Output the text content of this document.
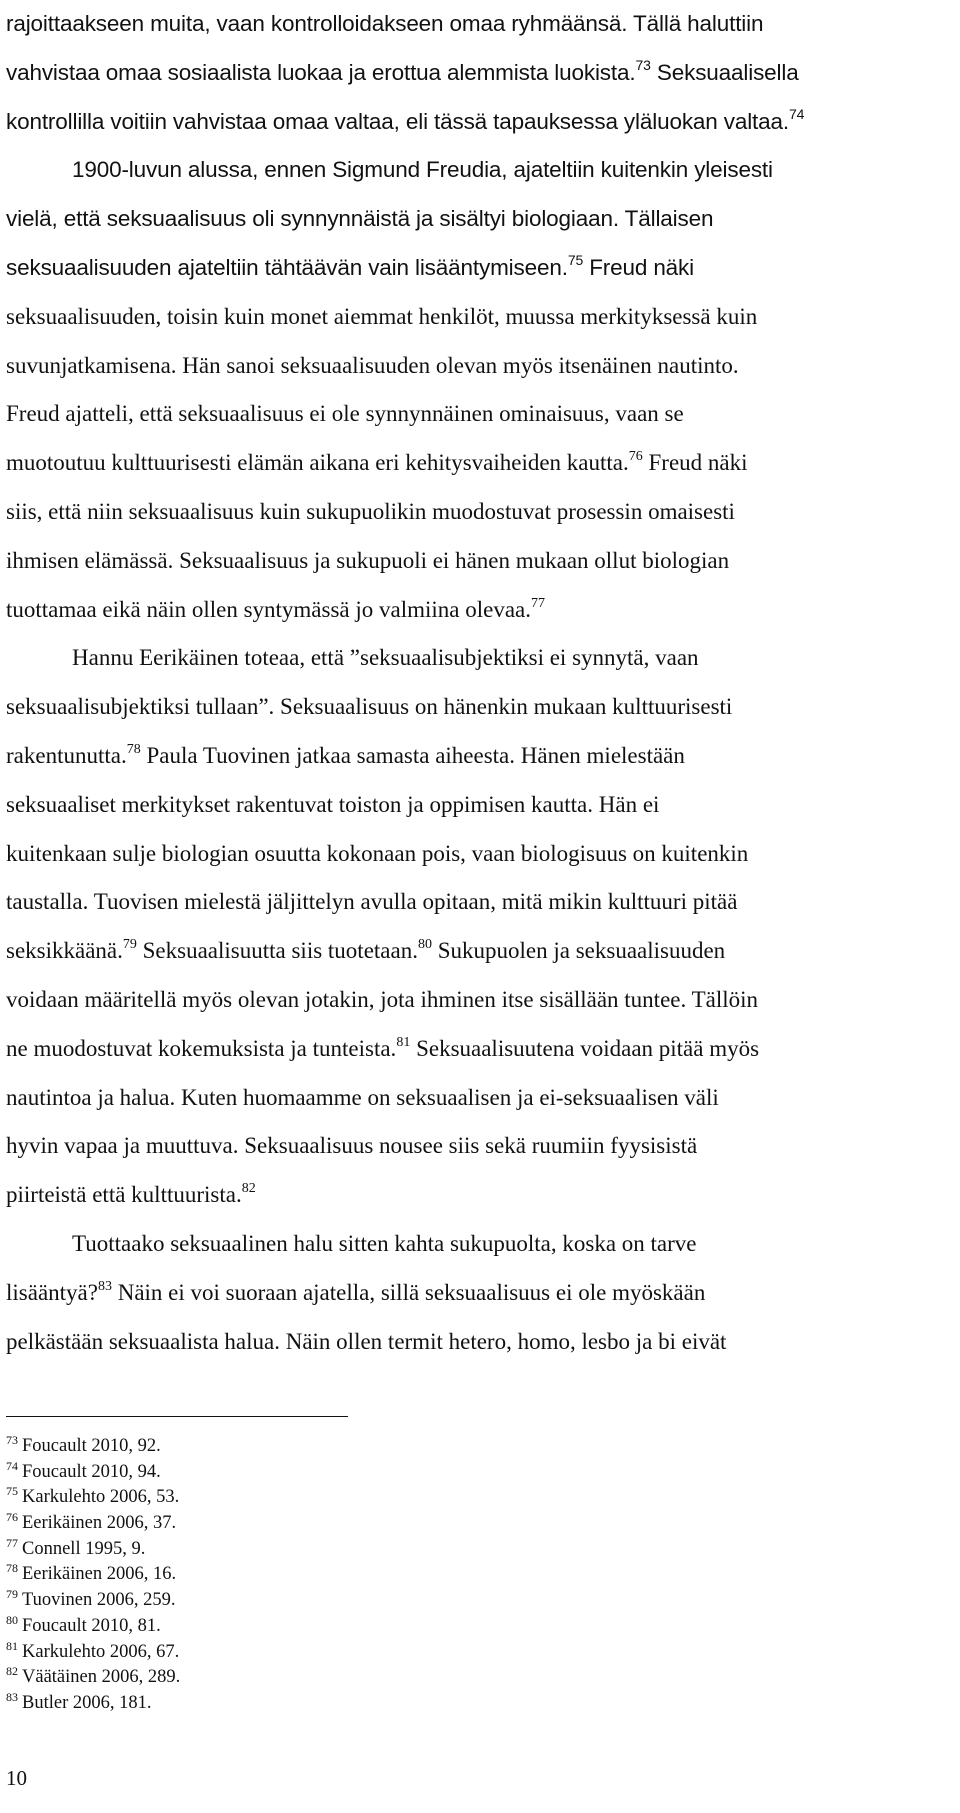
rajoittaakseen muita, vaan kontrolloidakseen omaa ryhmäänsä. Tällä haluttiin
vahvistaa omaa sosiaalista luokaa ja erottua alemmista luokista.$^{73}$ Seksuaalisella
kontrollilla voitiin vahvistaa omaa valtaa, eli tässä tapauksessa yläluokan valtaa.$^{74}$
1900-luvun alussa, ennen Sigmund Freudia, ajateltiin kuitenkin yleisesti
vielä, että seksuaalisuus oli synnynnäistä ja sisältyi biologiaan. Tällaisen
seksuaalisuuden ajateltiin tähtäävän vain lisääntymiseen.$^{75}$ Freud näki
seksuaalisuuden, toisin kuin monet aiemmat henkilöt, muussa merkityksessä kuin
suvunjatkamisena. Hän sanoi seksuaalisuuden olevan myös itsenäinen nautinto.
Freud ajatteli, että seksuaalisuus ei ole synnynnäinen ominaisuus, vaan se
muotoutuu kulttuurisesti elämän aikana eri kehitysvaiheiden kautta.$^{76}$ Freud näki
siis, että niin seksuaalisuus kuin sukupuolikin muodostuvat prosessin omaisesti
ihmisen elämässä. Seksuaalisuus ja sukupuoli ei hänen mukaan ollut biologian
tuottamaa eikä näin ollen syntymässä jo valmiina olevaa.$^{77}$
Hannu Eerikäinen toteaa, että ”seksuaalisubjektiksi ei synnytä, vaan
seksuaalisubjektiksi tullaan”. Seksuaalisuus on hänenkin mukaan kulttuurisesti
rakentunutta.$^{78}$ Paula Tuovinen jatkaa samasta aiheesta. Hänen mielestään
seksuaaliset merkitykset rakentuvat toiston ja oppimisen kautta. Hän ei
kuitenkaan sulje biologian osuutta kokonaan pois, vaan biologisuus on kuitenkin
taustalla. Tuovisen mielestä jäljittelyn avulla opitaan, mitä mikin kulttuuri pitää
seksikkäänä.$^{79}$ Seksuaalisuutta siis tuotetaan.$^{80}$ Sukupuolen ja seksuaalisuuden
voidaan määritellä myös olevan jotakin, jota ihminen itse sisällään tuntee. Tällöin
ne muodostuvat kokemuksista ja tunteista.$^{81}$ Seksuaalisuutena voidaan pitää myös
nautintoa ja halua. Kuten huomaamme on seksuaalisen ja ei-seksuaalisen väli
hyvin vapaa ja muuttuva. Seksuaalisuus nousee siis sekä ruumiin fyysisistä
piirteistä että kulttuurista.$^{82}$
Tuottaako seksuaalinen halu sitten kahta sukupuolta, koska on tarve
lisääntyä?$^{83}$ Näin ei voi suoraan ajatella, sillä seksuaalisuus ei ole myöskään
pelkästään seksuaalista halua. Näin ollen termit hetero, homo, lesbo ja bi eivät
$^{73}$ Foucault 2010, 92.
$^{74}$ Foucault 2010, 94.
$^{75}$ Karkulehto 2006, 53.
$^{76}$ Eerikäinen 2006, 37.
$^{77}$ Connell 1995, 9.
$^{78}$ Eerikäinen 2006, 16.
$^{79}$ Tuovinen 2006, 259.
$^{80}$ Foucault 2010, 81.
$^{81}$ Karkulehto 2006, 67.
$^{82}$ Väätäinen 2006, 289.
$^{83}$ Butler 2006, 181.
10
